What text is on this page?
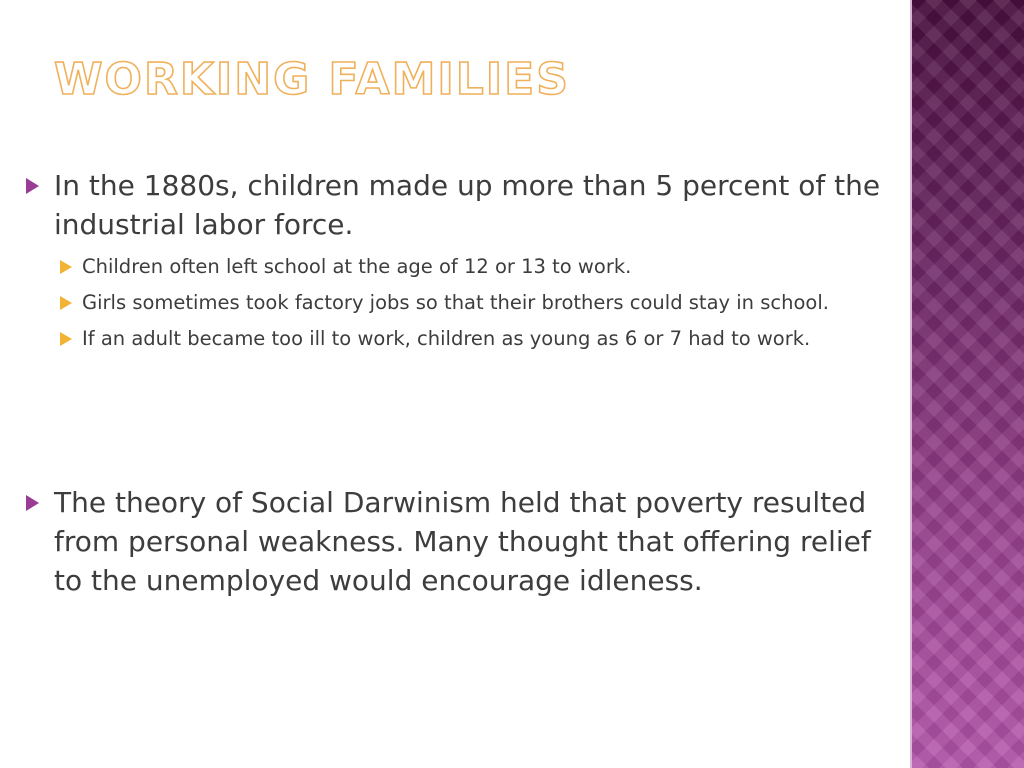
WORKING FAMILIES
In the 1880s, children made up more than 5 percent of the industrial labor force.
Children often left school at the age of 12 or 13 to work.
Girls sometimes took factory jobs so that their brothers could stay in school.
If an adult became too ill to work, children as young as 6 or 7 had to work.
The theory of Social Darwinism held that poverty resulted from personal weakness. Many thought that offering relief to the unemployed would encourage idleness.
